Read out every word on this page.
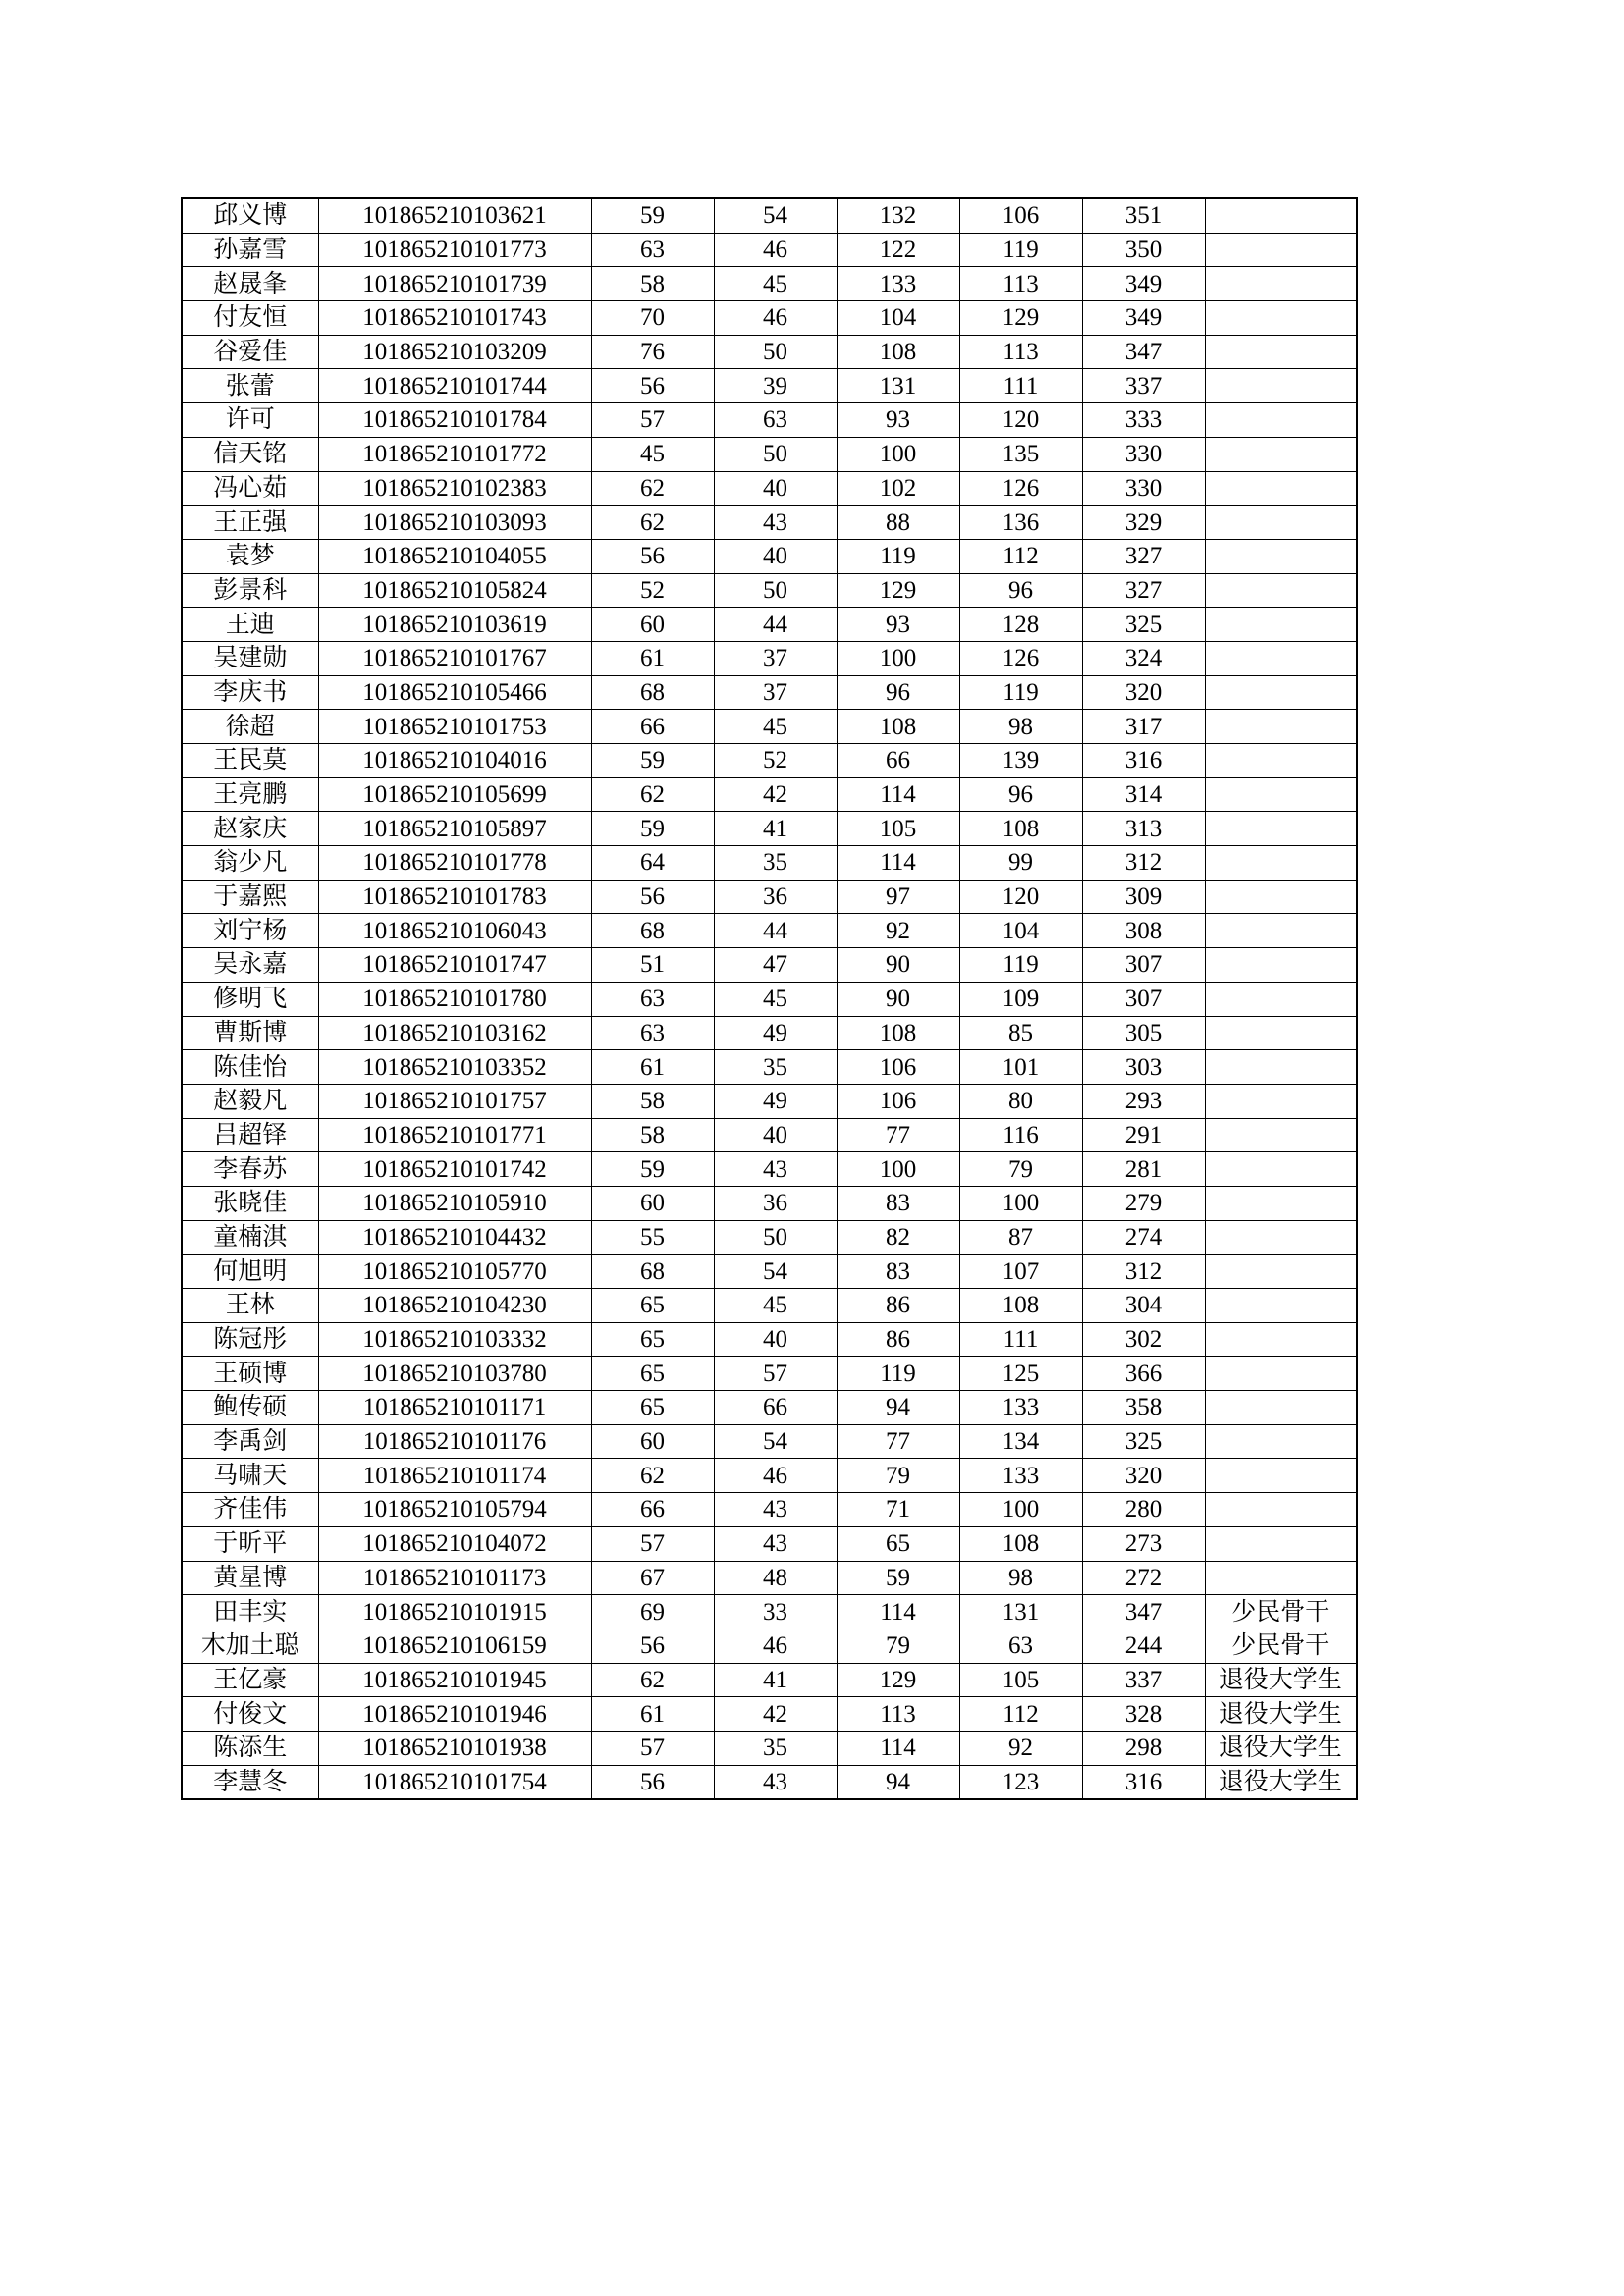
邱义博	101865210103621	59	54	132	106	351	
孙嘉雪	101865210101773	63	46	122	119	350	
赵晟夆	101865210101739	58	45	133	113	349	
付友恒	101865210101743	70	46	104	129	349	
谷爱佳	101865210103209	76	50	108	113	347	
张蕾	101865210101744	56	39	131	111	337	
许可	101865210101784	57	63	93	120	333	
信天铭	101865210101772	45	50	100	135	330	
冯心茹	101865210102383	62	40	102	126	330	
王正强	101865210103093	62	43	88	136	329	
袁梦	101865210104055	56	40	119	112	327	
彭景科	101865210105824	52	50	129	96	327	
王迪	101865210103619	60	44	93	128	325	
吴建勋	101865210101767	61	37	100	126	324	
李庆书	101865210105466	68	37	96	119	320	
徐超	101865210101753	66	45	108	98	317	
王民莫	101865210104016	59	52	66	139	316	
王亮鹏	101865210105699	62	42	114	96	314	
赵家庆	101865210105897	59	41	105	108	313	
翁少凡	101865210101778	64	35	114	99	312	
于嘉熙	101865210101783	56	36	97	120	309	
刘宁杨	101865210106043	68	44	92	104	308	
吴永嘉	101865210101747	51	47	90	119	307	
修明飞	101865210101780	63	45	90	109	307	
曹斯博	101865210103162	63	49	108	85	305	
陈佳怡	101865210103352	61	35	106	101	303	
赵毅凡	101865210101757	58	49	106	80	293	
吕超铎	101865210101771	58	40	77	116	291	
李春苏	101865210101742	59	43	100	79	281	
张晓佳	101865210105910	60	36	83	100	279	
童楠淇	101865210104432	55	50	82	87	274	
何旭明	101865210105770	68	54	83	107	312	
王林	101865210104230	65	45	86	108	304	
陈冠彤	101865210103332	65	40	86	111	302	
王硕博	101865210103780	65	57	119	125	366	
鲍传硕	101865210101171	65	66	94	133	358	
李禹剑	101865210101176	60	54	77	134	325	
马啸天	101865210101174	62	46	79	133	320	
齐佳伟	101865210105794	66	43	71	100	280	
于昕平	101865210104072	57	43	65	108	273	
黄星博	101865210101173	67	48	59	98	272	
田丰实	101865210101915	69	33	114	131	347	少民骨干
木加土聪	101865210106159	56	46	79	63	244	少民骨干
王亿豪	101865210101945	62	41	129	105	337	退役大学生
付俊文	101865210101946	61	42	113	112	328	退役大学生
陈添生	101865210101938	57	35	114	92	298	退役大学生
李慧冬	101865210101754	56	43	94	123	316	退役大学生
